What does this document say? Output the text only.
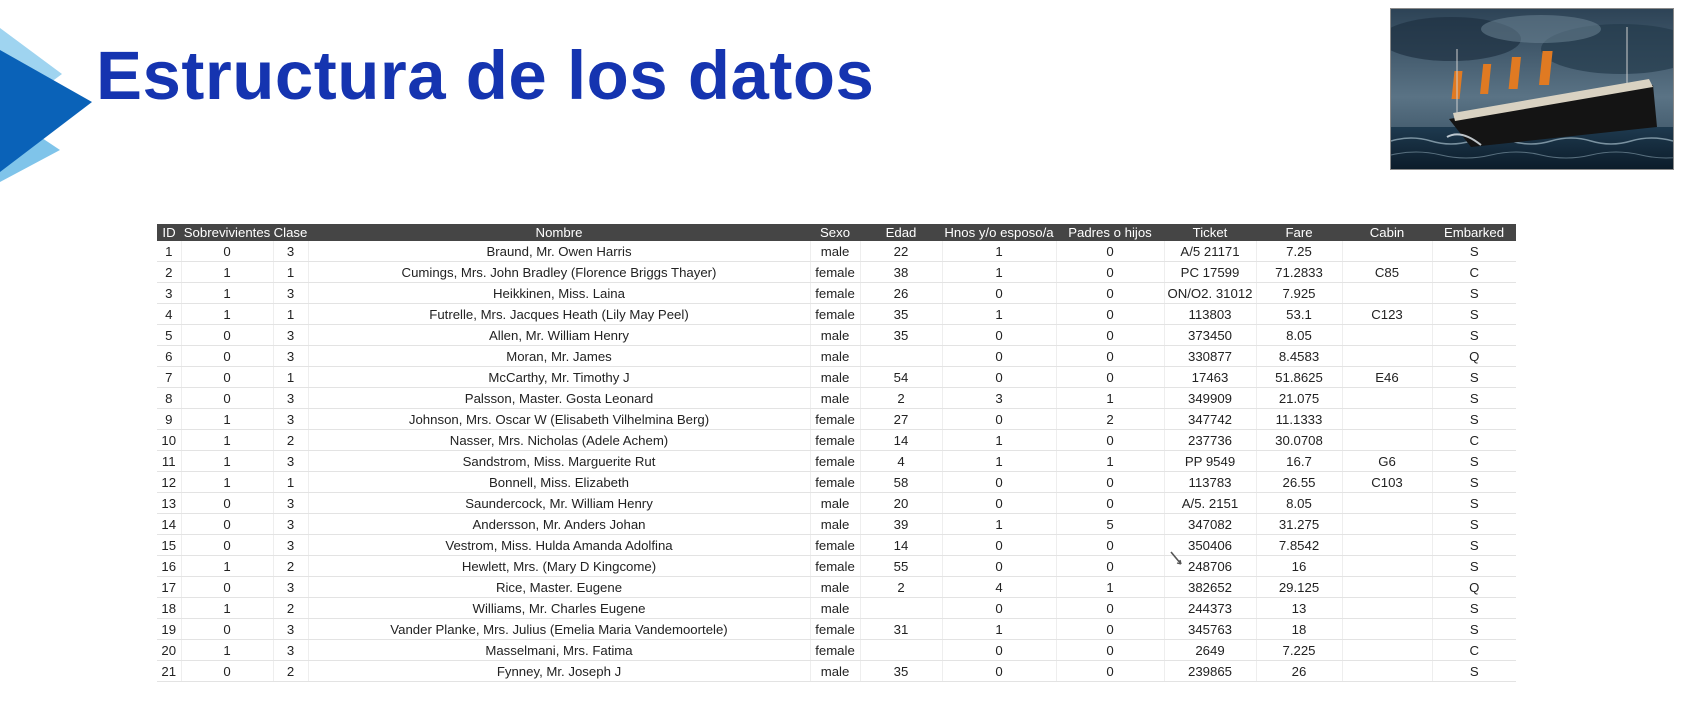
Estructura de los datos
ID	Sobrevivientes	Clase	Nombre	Sexo	Edad	Hnos y/o esposo/a	Padres o hijos	Ticket	Fare	Cabin	Embarked
1	0	3	Braund, Mr. Owen Harris	male	22	1	0	A/5 21171	7.25		S
2	1	1	Cumings, Mrs. John Bradley (Florence Briggs Thayer)	female	38	1	0	PC 17599	71.2833	C85	C
3	1	3	Heikkinen, Miss. Laina	female	26	0	0	ON/O2. 31012	7.925		S
4	1	1	Futrelle, Mrs. Jacques Heath (Lily May Peel)	female	35	1	0	113803	53.1	C123	S
5	0	3	Allen, Mr. William Henry	male	35	0	0	373450	8.05		S
6	0	3	Moran, Mr. James	male		0	0	330877	8.4583		Q
7	0	1	McCarthy, Mr. Timothy J	male	54	0	0	17463	51.8625	E46	S
8	0	3	Palsson, Master. Gosta Leonard	male	2	3	1	349909	21.075		S
9	1	3	Johnson, Mrs. Oscar W (Elisabeth Vilhelmina Berg)	female	27	0	2	347742	11.1333		S
10	1	2	Nasser, Mrs. Nicholas (Adele Achem)	female	14	1	0	237736	30.0708		C
11	1	3	Sandstrom, Miss. Marguerite Rut	female	4	1	1	PP 9549	16.7	G6	S
12	1	1	Bonnell, Miss. Elizabeth	female	58	0	0	113783	26.55	C103	S
13	0	3	Saundercock, Mr. William Henry	male	20	0	0	A/5. 2151	8.05		S
14	0	3	Andersson, Mr. Anders Johan	male	39	1	5	347082	31.275		S
15	0	3	Vestrom, Miss. Hulda Amanda Adolfina	female	14	0	0	350406	7.8542		S
16	1	2	Hewlett, Mrs. (Mary D Kingcome)	female	55	0	0	248706	16		S
17	0	3	Rice, Master. Eugene	male	2	4	1	382652	29.125		Q
18	1	2	Williams, Mr. Charles Eugene	male		0	0	244373	13		S
19	0	3	Vander Planke, Mrs. Julius (Emelia Maria Vandemoortele)	female	31	1	0	345763	18		S
20	1	3	Masselmani, Mrs. Fatima	female		0	0	2649	7.225		C
21	0	2	Fynney, Mr. Joseph J	male	35	0	0	239865	26		S
